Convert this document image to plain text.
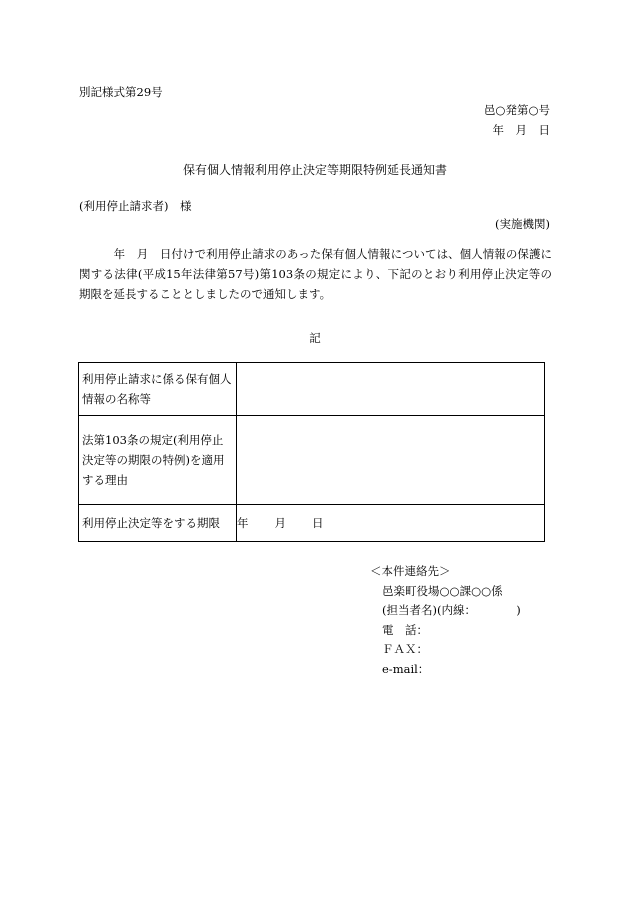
別記様式第29号
邑○発第○号
年　月　日
保有個人情報利用停止決定等期限特例延長通知書
(利用停止請求者)　様
(実施機関)
　　　年　月　日付けで利用停止請求のあった保有個人情報については、個人情報の保護に関する法律(平成15年法律第57号)第103条の規定により、下記のとおり利用停止決定等の期限を延長することとしましたので通知します。
記
利用停止請求に係る保有個人情報の名称等	
法第103条の規定(利用停止決定等の期限の特例)を適用する理由	
利用停止決定等をする期限	年 月 日
＜本件連絡先＞
邑楽町役場○○課○○係
(担当者名)(内線：　　　　)
電　話：
ＦＡＸ：
e-mail：
